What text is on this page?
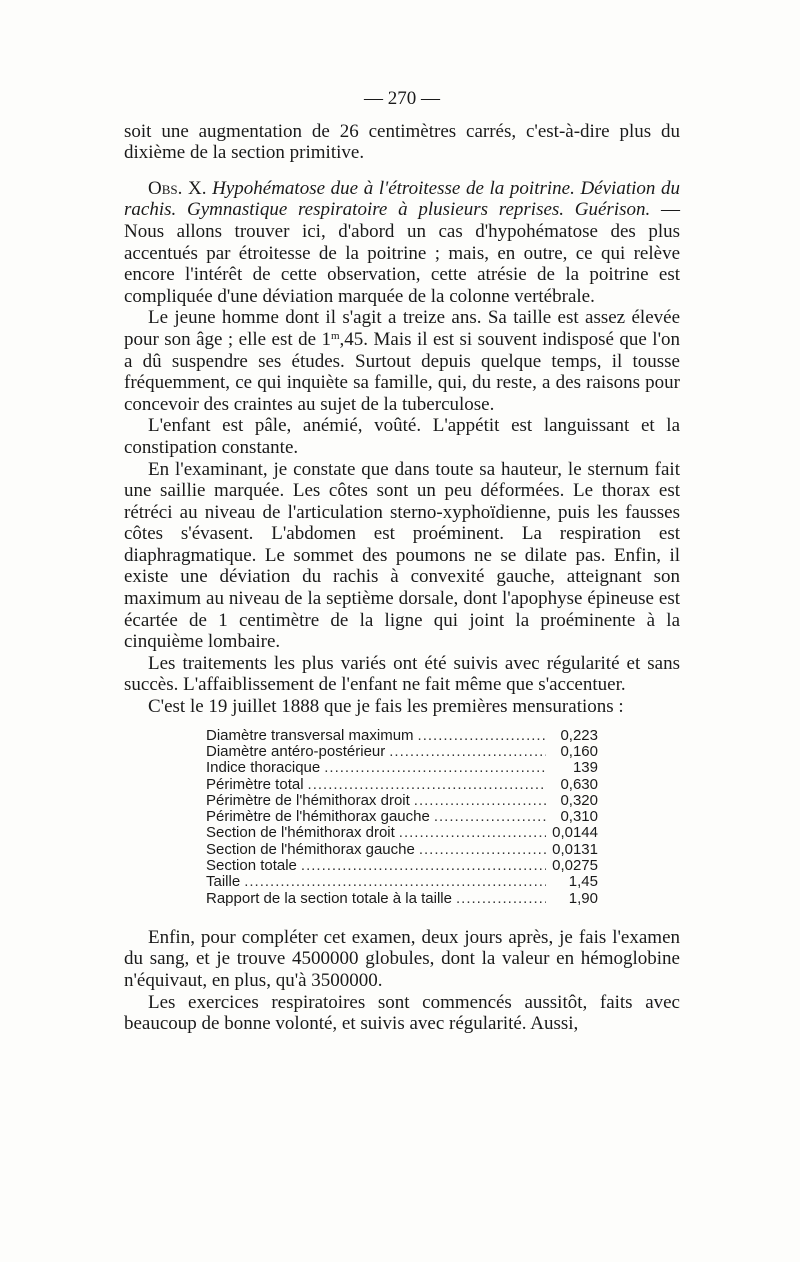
— 270 —

soit une augmentation de 26 centimètres carrés, c'est-à-dire plus du dixième de la section primitive.

Obs. X. Hypohématose due à l'étroitesse de la poitrine. Déviation du rachis. Gymnastique respiratoire à plusieurs reprises. Guérison. — Nous allons trouver ici, d'abord un cas d'hypohématose des plus accentués par étroitesse de la poitrine ; mais, en outre, ce qui relève encore l'intérêt de cette observation, cette atrésie de la poitrine est compliquée d'une déviation marquée de la colonne vertébrale.

Le jeune homme dont il s'agit a treize ans. Sa taille est assez élevée pour son âge ; elle est de 1$^m$,45. Mais il est si souvent indisposé que l'on a dû suspendre ses études. Surtout depuis quelque temps, il tousse fréquemment, ce qui inquiète sa famille, qui, du reste, a des raisons pour concevoir des craintes au sujet de la tuberculose.

L'enfant est pâle, anémié, voûté. L'appétit est languissant et la constipation constante.

En l'examinant, je constate que dans toute sa hauteur, le sternum fait une saillie marquée. Les côtes sont un peu déformées. Le thorax est rétréci au niveau de l'articulation sterno-xyphoïdienne, puis les fausses côtes s'évasent. L'abdomen est proéminent. La respiration est diaphragmatique. Le sommet des poumons ne se dilate pas. Enfin, il existe une déviation du rachis à convexité gauche, atteignant son maximum au niveau de la septième dorsale, dont l'apophyse épineuse est écartée de 1 centimètre de la ligne qui joint la proéminente à la cinquième lombaire.

Les traitements les plus variés ont été suivis avec régularité et sans succès. L'affaiblissement de l'enfant ne fait même que s'accentuer.

C'est le 19 juillet 1888 que je fais les premières mensurations :

Diamètre transversal maximum .....	0,223
Diamètre antéro-postérieur .....	0,160
Indice thoracique .....	139
Périmètre total .....	0,630
Périmètre de l'hémithorax droit .....	0,320
Périmètre de l'hémithorax gauche .....	0,310
Section de l'hémithorax droit .....	0,0144
Section de l'hémithorax gauche .....	0,0131
Section totale .....	0,0275
Taille .....	1,45
Rapport de la section totale à la taille .....	1,90

Enfin, pour compléter cet examen, deux jours après, je fais l'examen du sang, et je trouve 4500000 globules, dont la valeur en hémoglobine n'équivaut, en plus, qu'à 3500000.

Les exercices respiratoires sont commencés aussitôt, faits avec beaucoup de bonne volonté, et suivis avec régularité. Aussi,
